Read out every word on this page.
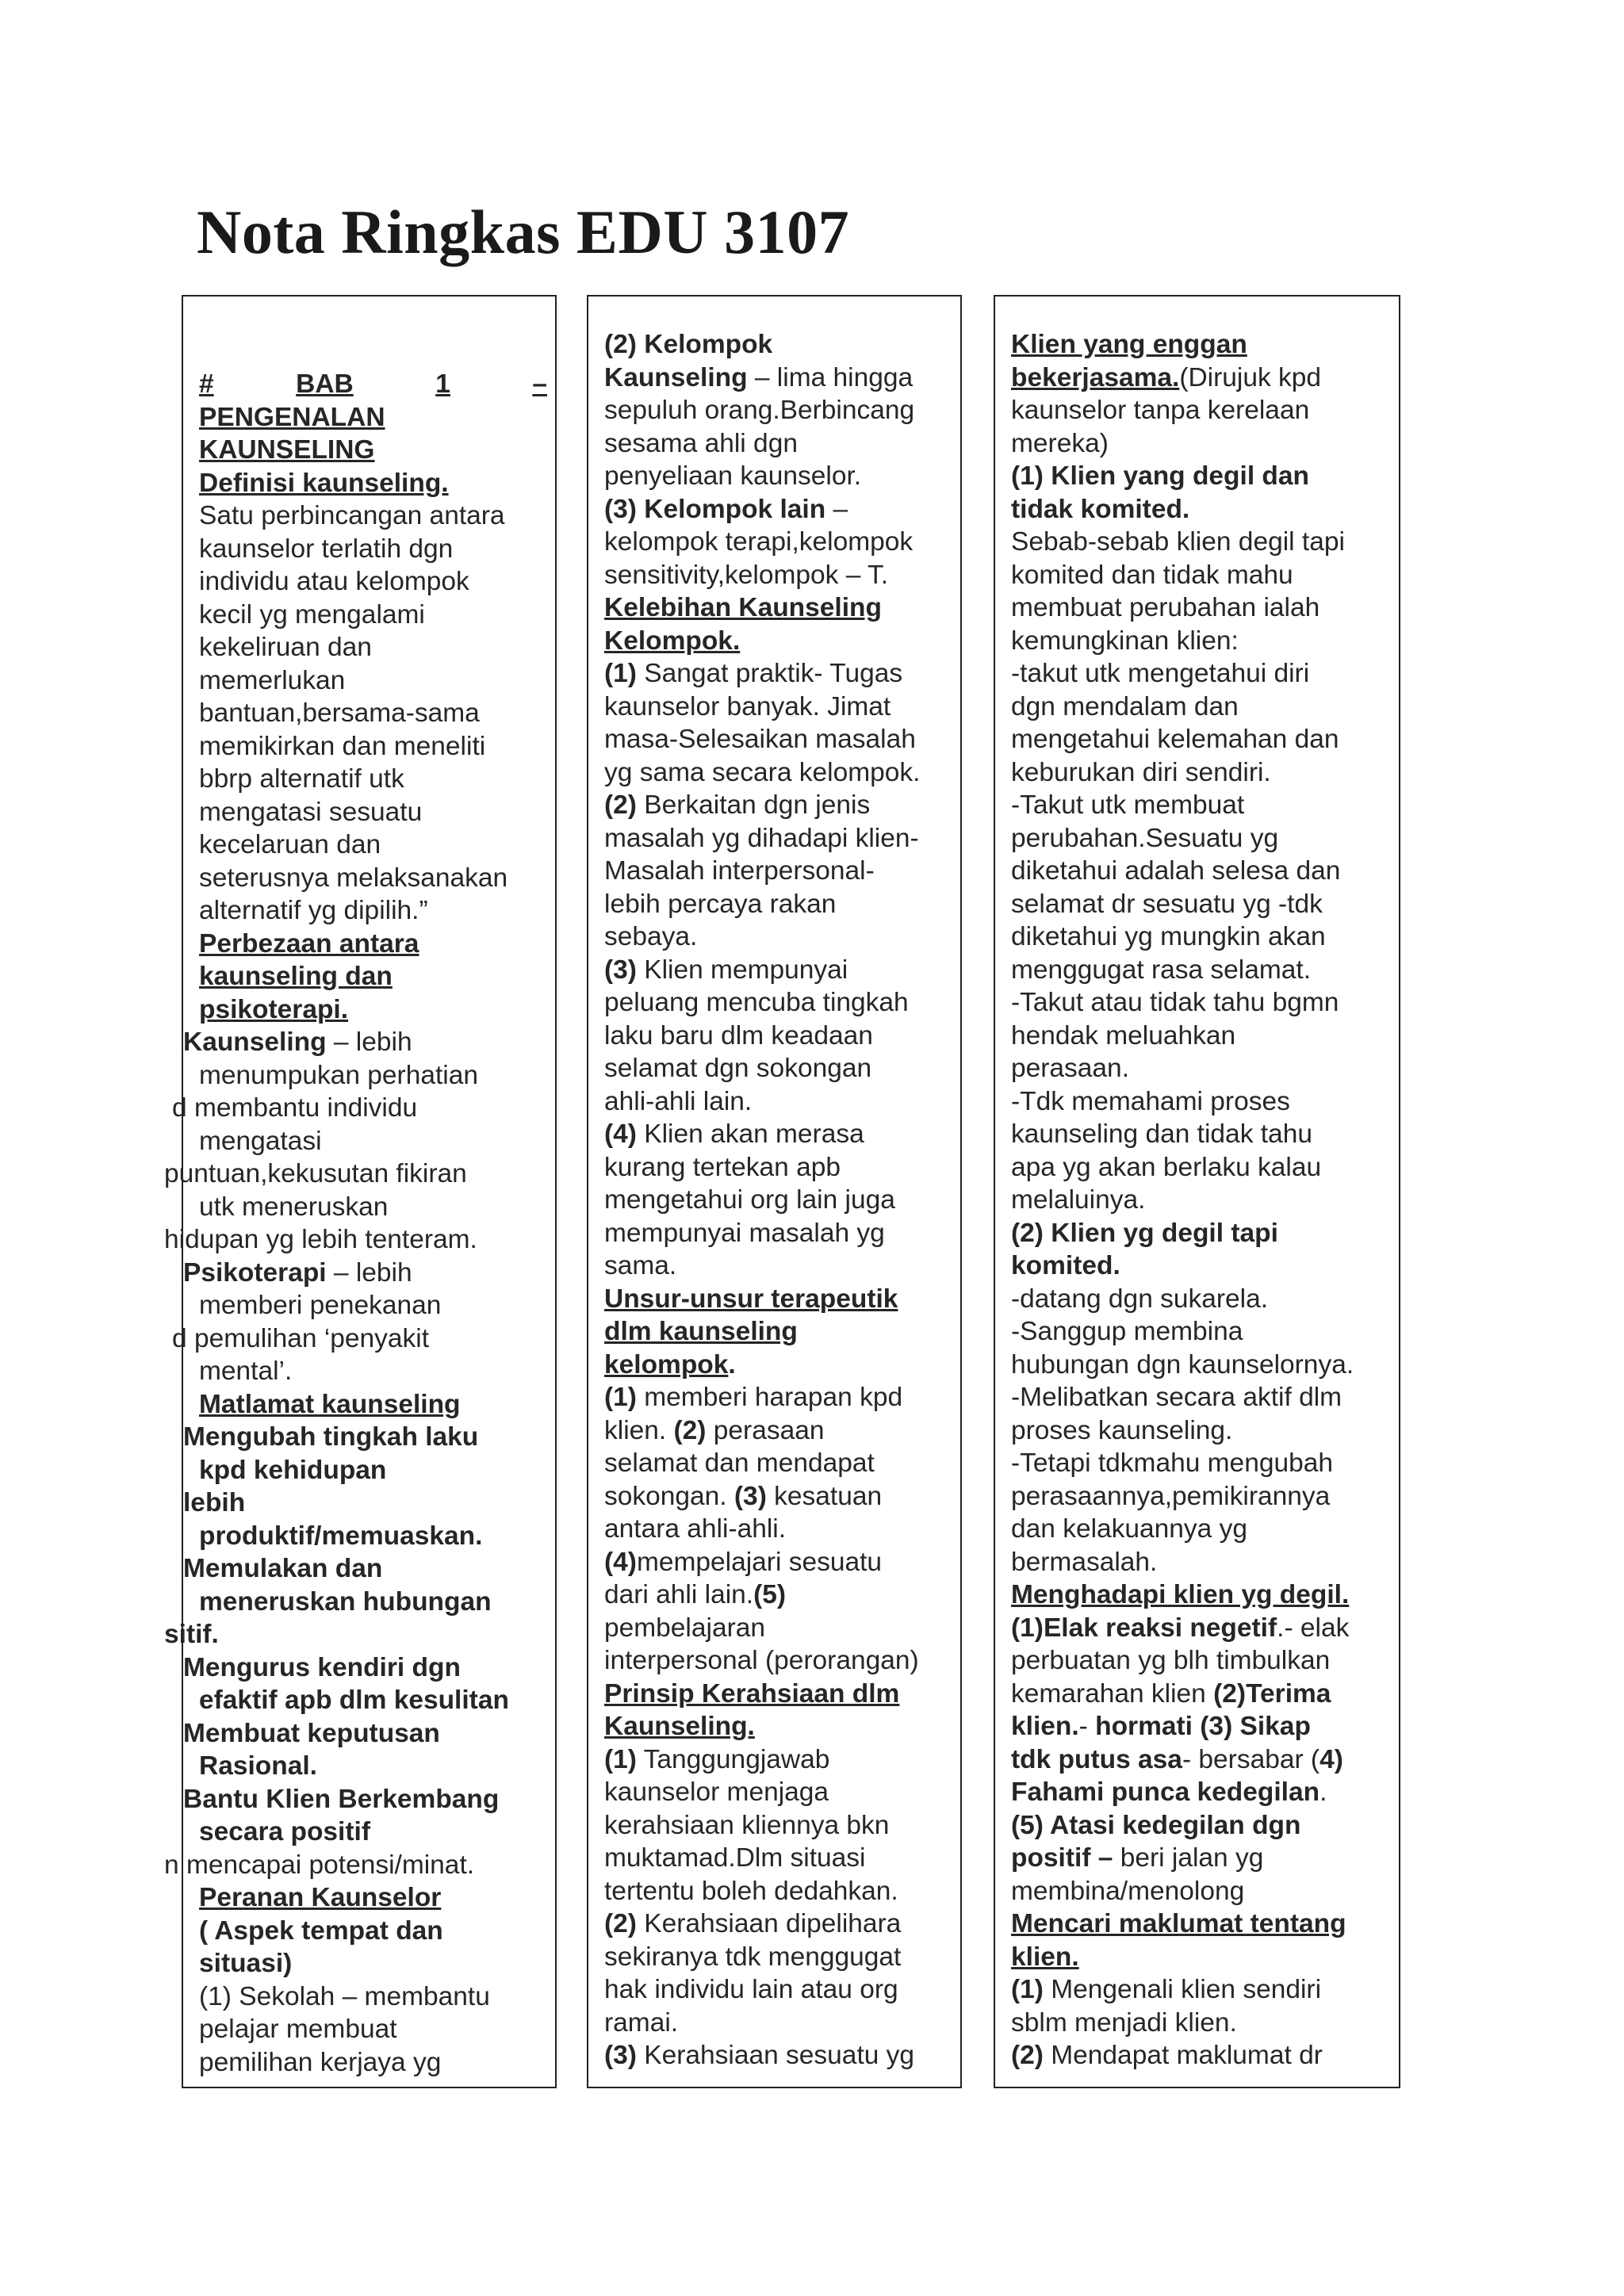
Nota Ringkas EDU 3107
#	BAB	1	–
PENGENALAN
KAUNSELING
Definisi kaunseling.
Satu perbincangan antara
kaunselor terlatih dgn
individu atau kelompok
kecil yg mengalami
kekeliruan dan
memerlukan
bantuan,bersama-sama
memikirkan dan meneliti
bbrp alternatif utk
mengatasi sesuatu
kecelaruan dan
seterusnya melaksanakan
alternatif yg dipilih.”
Perbezaan antara
kaunseling dan
psikoterapi.
Kaunseling – lebih
menumpukan perhatian
d membantu individu
mengatasi
puntuan,kekusutan fikiran
utk meneruskan
hidupan yg lebih tenteram.
Psikoterapi – lebih
memberi penekanan
d pemulihan ‘penyakit
mental’.
Matlamat kaunseling
Mengubah tingkah laku
kpd kehidupan
lebih
produktif/memuaskan.
Memulakan dan
meneruskan hubungan
sitif.
Mengurus kendiri dgn
efaktif apb dlm kesulitan
Membuat keputusan
Rasional.
Bantu Klien Berkembang
secara positif
n mencapai potensi/minat.
Peranan Kaunselor
( Aspek tempat dan
situasi)
(1) Sekolah – membantu
pelajar membuat
pemilihan kerjaya yg
(2) Kelompok
Kaunseling – lima hingga
sepuluh orang.Berbincang
sesama ahli dgn
penyeliaan kaunselor.
(3) Kelompok lain –
kelompok terapi,kelompok
sensitivity,kelompok – T.
Kelebihan Kaunseling
Kelompok.
(1) Sangat praktik- Tugas
kaunselor banyak. Jimat
masa-Selesaikan masalah
yg sama secara kelompok.
(2) Berkaitan dgn jenis
masalah yg dihadapi klien-
Masalah interpersonal-
lebih percaya rakan
sebaya.
(3) Klien mempunyai
peluang mencuba tingkah
laku baru dlm keadaan
selamat dgn sokongan
ahli-ahli lain.
(4) Klien akan merasa
kurang tertekan apb
mengetahui org lain juga
mempunyai masalah yg
sama.
Unsur-unsur terapeutik
dlm kaunseling
kelompok.
(1) memberi harapan kpd
klien. (2) perasaan
selamat dan mendapat
sokongan. (3) kesatuan
antara ahli-ahli.
(4)mempelajari sesuatu
dari ahli lain.(5)
pembelajaran
interpersonal (perorangan)
Prinsip Kerahsiaan dlm
Kaunseling.
(1) Tanggungjawab
kaunselor menjaga
kerahsiaan kliennya bkn
muktamad.Dlm situasi
tertentu boleh dedahkan.
(2) Kerahsiaan dipelihara
sekiranya tdk menggugat
hak individu lain atau org
ramai.
(3) Kerahsiaan sesuatu yg
Klien yang enggan
bekerjasama.(Dirujuk kpd
kaunselor tanpa kerelaan
mereka)
(1) Klien yang degil dan
tidak komited.
Sebab-sebab klien degil tapi
komited dan tidak mahu
membuat perubahan ialah
kemungkinan klien:
-takut utk mengetahui diri
dgn mendalam dan
mengetahui kelemahan dan
keburukan diri sendiri.
-Takut utk membuat
perubahan.Sesuatu yg
diketahui adalah selesa dan
selamat dr sesuatu yg -tdk
diketahui yg mungkin akan
menggugat rasa selamat.
-Takut atau tidak tahu bgmn
hendak meluahkan
perasaan.
-Tdk memahami proses
kaunseling dan tidak tahu
apa yg akan berlaku kalau
melaluinya.
(2) Klien yg degil tapi
komited.
-datang dgn sukarela.
-Sanggup membina
hubungan dgn kaunselornya.
-Melibatkan secara aktif dlm
proses kaunseling.
-Tetapi tdkmahu mengubah
perasaannya,pemikirannya
dan kelakuannya yg
bermasalah.
Menghadapi klien yg degil.
(1)Elak reaksi negetif.- elak
perbuatan yg blh timbulkan
kemarahan klien (2)Terima
klien.- hormati (3) Sikap
tdk putus asa- bersabar (4)
Fahami punca kedegilan.
(5) Atasi kedegilan dgn
positif – beri jalan yg
membina/menolong
Mencari maklumat tentang
klien.
(1) Mengenali klien sendiri
sblm menjadi klien.
(2) Mendapat maklumat dr
